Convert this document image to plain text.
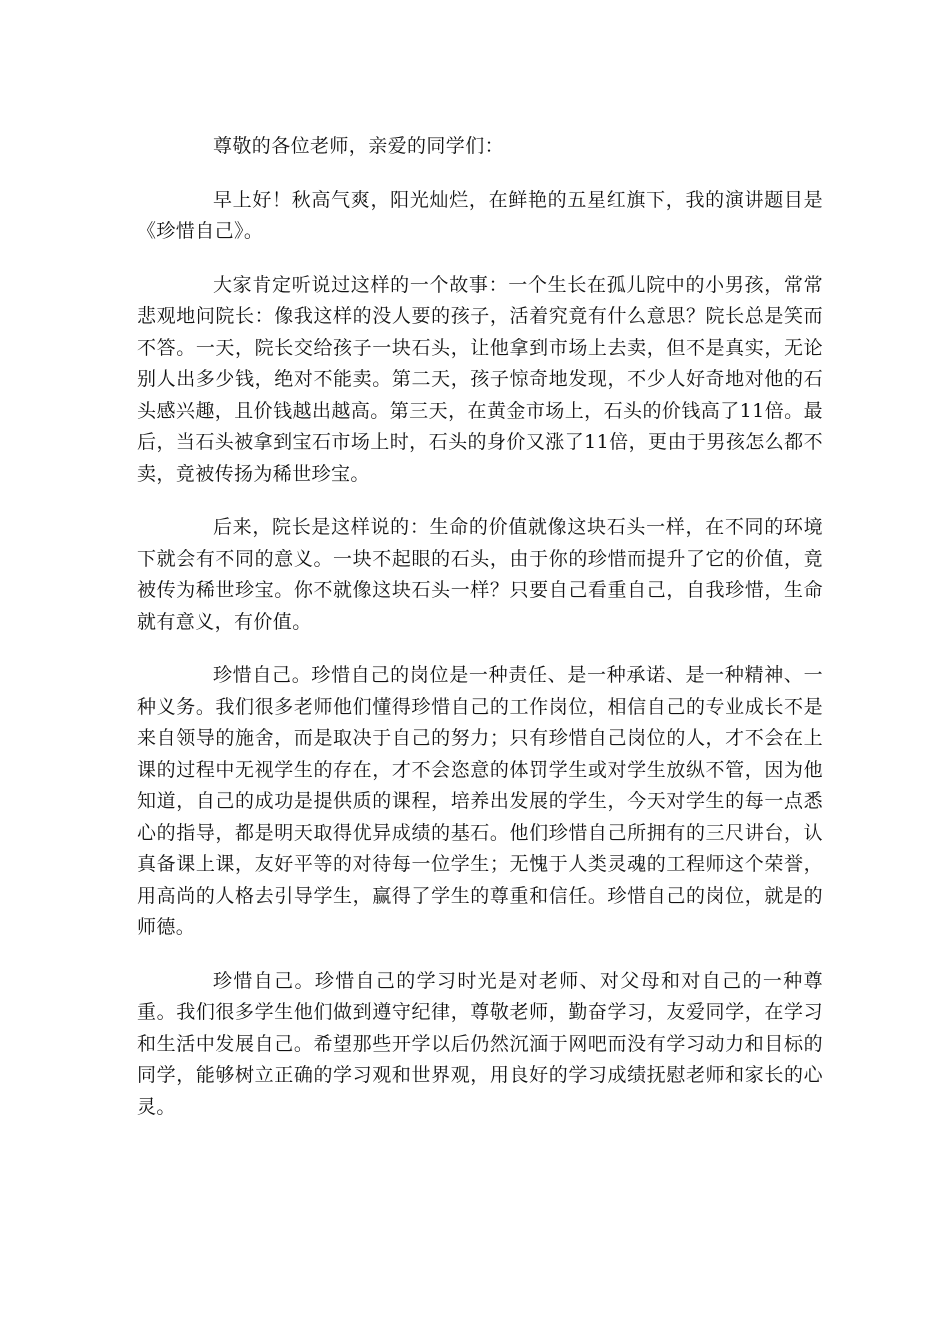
尊敬的各位老师，亲爱的同学们：

早上好！秋高气爽，阳光灿烂，在鲜艳的五星红旗下，我的演讲题目是《珍惜自己》。

大家肯定听说过这样的一个故事：一个生长在孤儿院中的小男孩，常常悲观地问院长：像我这样的没人要的孩子，活着究竟有什么意思？院长总是笑而不答。一天，院长交给孩子一块石头，让他拿到市场上去卖，但不是真实，无论别人出多少钱，绝对不能卖。第二天，孩子惊奇地发现，不少人好奇地对他的石头感兴趣，且价钱越出越高。第三天，在黄金市场上，石头的价钱高了11倍。最后，当石头被拿到宝石市场上时，石头的身价又涨了11倍，更由于男孩怎么都不卖，竟被传扬为稀世珍宝。

后来，院长是这样说的：生命的价值就像这块石头一样，在不同的环境下就会有不同的意义。一块不起眼的石头，由于你的珍惜而提升了它的价值，竟被传为稀世珍宝。你不就像这块石头一样？只要自己看重自己，自我珍惜，生命就有意义，有价值。

珍惜自己。珍惜自己的岗位是一种责任、是一种承诺、是一种精神、一种义务。我们很多老师他们懂得珍惜自己的工作岗位，相信自己的专业成长不是来自领导的施舍，而是取决于自己的努力；只有珍惜自己岗位的人，才不会在上课的过程中无视学生的存在，才不会恣意的体罚学生或对学生放纵不管，因为他知道，自己的成功是提供质的课程，培养出发展的学生，今天对学生的每一点悉心的指导，都是明天取得优异成绩的基石。他们珍惜自己所拥有的三尺讲台，认真备课上课，友好平等的对待每一位学生；无愧于人类灵魂的工程师这个荣誉，用高尚的人格去引导学生，赢得了学生的尊重和信任。珍惜自己的岗位，就是的师德。

珍惜自己。珍惜自己的学习时光是对老师、对父母和对自己的一种尊重。我们很多学生他们做到遵守纪律，尊敬老师，勤奋学习，友爱同学，在学习和生活中发展自己。希望那些开学以后仍然沉湎于网吧而没有学习动力和目标的同学，能够树立正确的学习观和世界观，用良好的学习成绩抚慰老师和家长的心灵。
